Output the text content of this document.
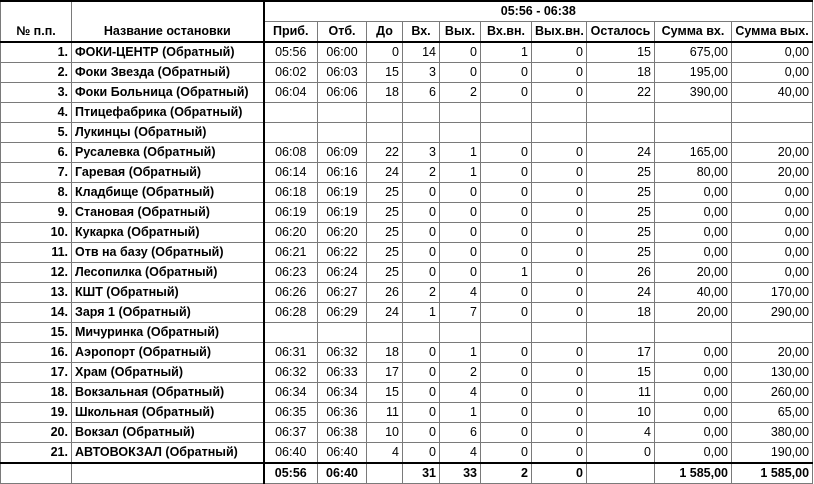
		05:56 - 06:38									
№ п.п.	Название остановки	Приб.	Отб.	До	Вх.	Вых.	Вх.вн.	Вых.вн.	Осталось	Сумма вх.	Сумма вых.
1.	ФОКИ-ЦЕНТР (Обратный)	05:56	06:00	0	14	0	1	0	15	675,00	0,00
2.	Фоки Звезда (Обратный)	06:02	06:03	15	3	0	0	0	18	195,00	0,00
3.	Фоки Больница (Обратный)	06:04	06:06	18	6	2	0	0	22	390,00	40,00
4.	Птицефабрика (Обратный)										
5.	Лукинцы (Обратный)										
6.	Русалевка (Обратный)	06:08	06:09	22	3	1	0	0	24	165,00	20,00
7.	Гаревая (Обратный)	06:14	06:16	24	2	1	0	0	25	80,00	20,00
8.	Кладбище (Обратный)	06:18	06:19	25	0	0	0	0	25	0,00	0,00
9.	Становая (Обратный)	06:19	06:19	25	0	0	0	0	25	0,00	0,00
10.	Кукарка (Обратный)	06:20	06:20	25	0	0	0	0	25	0,00	0,00
11.	Отв на базу (Обратный)	06:21	06:22	25	0	0	0	0	25	0,00	0,00
12.	Лесопилка (Обратный)	06:23	06:24	25	0	0	1	0	26	20,00	0,00
13.	КШТ (Обратный)	06:26	06:27	26	2	4	0	0	24	40,00	170,00
14.	Заря 1 (Обратный)	06:28	06:29	24	1	7	0	0	18	20,00	290,00
15.	Мичуринка (Обратный)										
16.	Аэропорт (Обратный)	06:31	06:32	18	0	1	0	0	17	0,00	20,00
17.	Храм (Обратный)	06:32	06:33	17	0	2	0	0	15	0,00	130,00
18.	Вокзальная (Обратный)	06:34	06:34	15	0	4	0	0	11	0,00	260,00
19.	Школьная (Обратный)	06:35	06:36	11	0	1	0	0	10	0,00	65,00
20.	Вокзал (Обратный)	06:37	06:38	10	0	6	0	0	4	0,00	380,00
21.	АВТОВОКЗАЛ (Обратный)	06:40	06:40	4	0	4	0	0	0	0,00	190,00
		05:56	06:40		31	33	2	0		1 585,00	1 585,00
